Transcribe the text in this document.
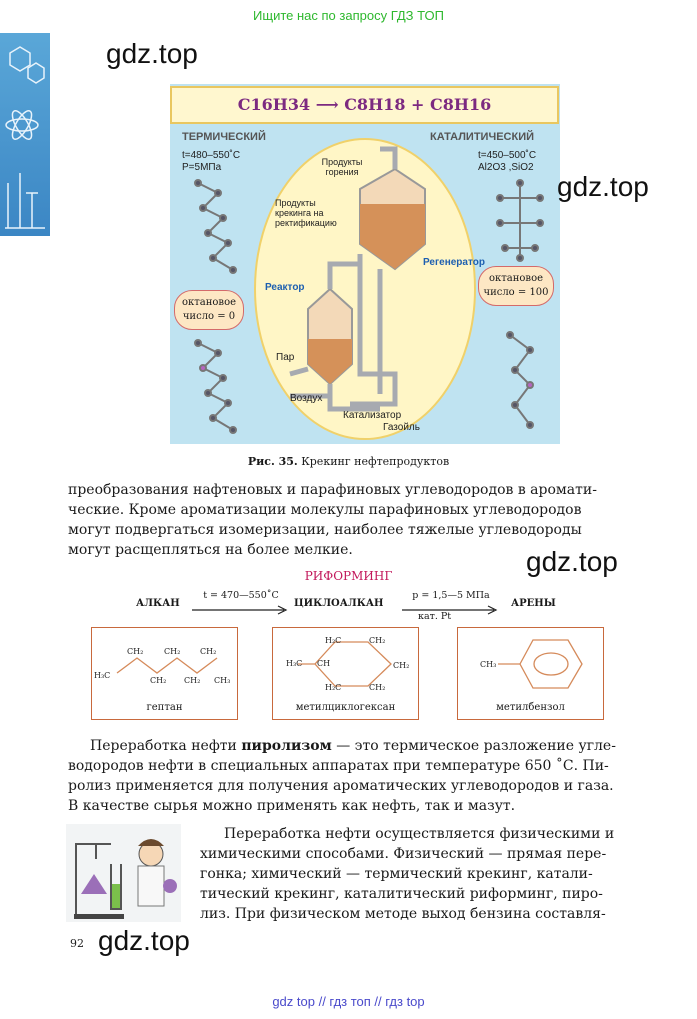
Ищите нас по запросу ГДЗ ТОП
gdz.top
C16H34 ⟶ C8H18 + C8H16
ТЕРМИЧЕСКИЙ
t=480–550˚C
P=5МПа
КАТАЛИТИЧЕСКИЙ
t=450–500˚C
Al2O3 ,SiO2
октановое
число = 0
октановое
число = 100
Продукты горения
Продукты крекинга на ректификацию
Регенератор
Реактор
Пар
Воздух
Катализатор
Газойль
gdz.top
Рис. 35. Крекинг нефтепродуктов
преобразования нафтеновых и парафиновых углеводородов в аромати-
ческие. Кроме ароматизации молекулы парафиновых углеводородов
могут подвергаться изомеризации, наиболее тяжелые углеводороды
могут расщепляться на более мелкие.	gdz.top
РИФОРМИНГ
АЛКАН
t = 470—550˚C
ЦИКЛОАЛКАН
p = 1,5—5 МПа
кат. Pt
АРЕНЫ
H₃C
CH₂
CH₂
CH₂
CH₂
CH₂
CH₃
гептан
H₂C	CH₂
CH₂
CH₂
H₂C
CH
H₃C
метилциклогексан
CH₃
метилбензол
Переработка нефти пиролизом — это термическое разложение угле-
водородов нефти в специальных аппаратах при температуре 650 ˚С. Пи-
ролиз применяется для получения ароматических углеводородов и газа.
В качестве сырья можно применять как нефть, так и мазут.
Переработка нефти осуществляется физическими и
химическими способами. Физический — прямая пере-
гонка; химический — термический крекинг, катали-
тический крекинг, каталитический риформинг, пиро-
лиз. При физическом методе выход бензина составля-
92 gdz.top
gdz top // гдз топ // гдз top
